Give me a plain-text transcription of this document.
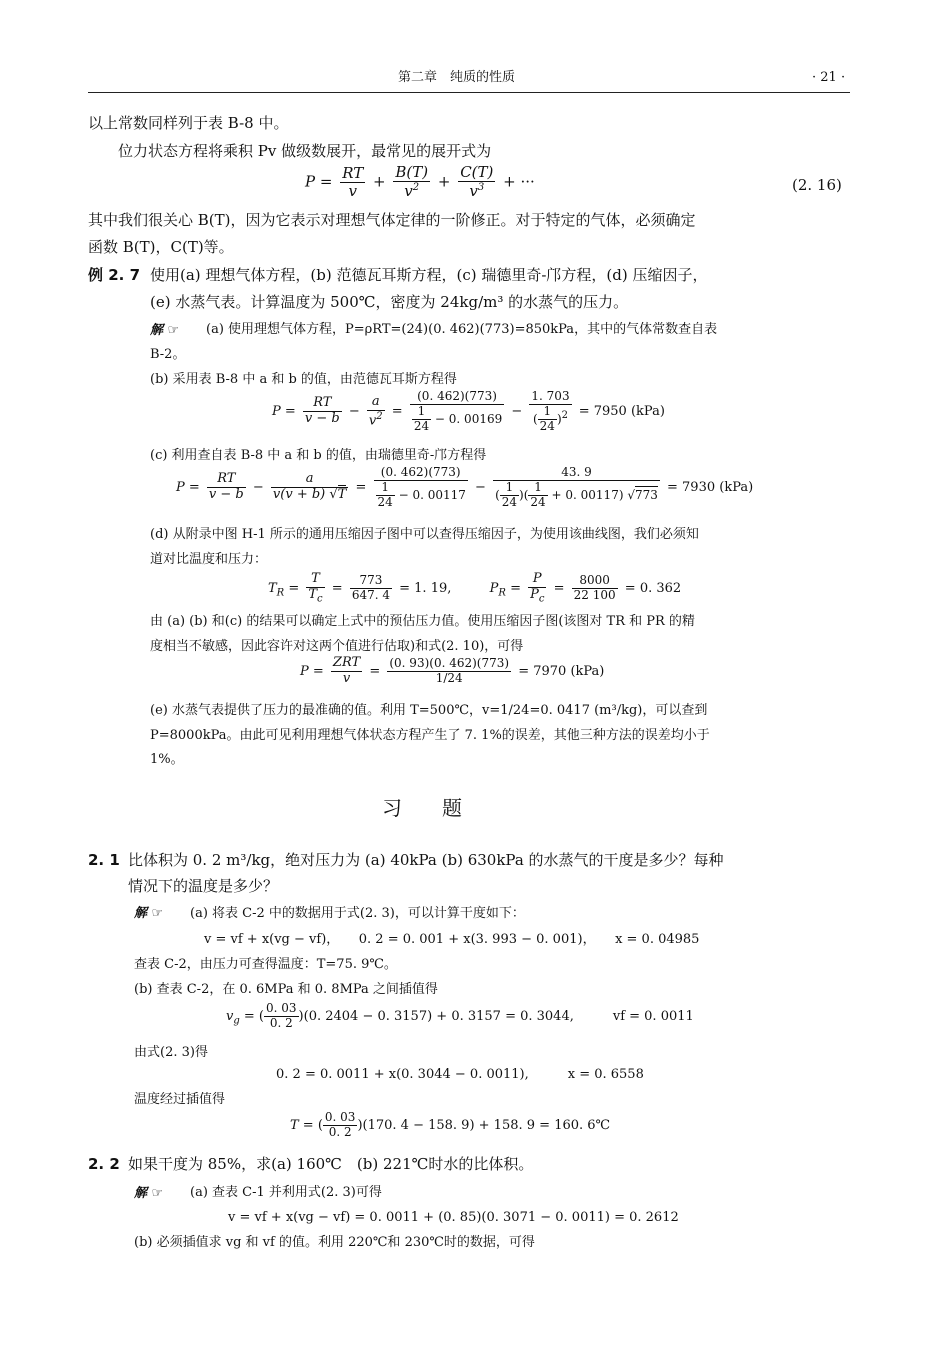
第二章　纯质的性质	· 21 ·
以上常数同样列于表 B-8 中。
位力状态方程将乘积 Pv 做级数展开，最常见的展开式为
$P = \frac{RT}{v} + \frac{B(T)}{v^2} + \frac{C(T)}{v^3}$ + ···	(2. 16)
其中我们很关心 B(T)，因为它表示对理想气体定律的一阶修正。对于特定的气体，必须确定
函数 B(T)，C(T)等。
例 2. 7 使用(a) 理想气体方程，(b) 范德瓦耳斯方程，(c) 瑞德里奇-邝方程，(d) 压缩因子，
(e) 水蒸气表。计算温度为 500℃，密度为 24kg/m³ 的水蒸气的压力。
解 ☞ (a) 使用理想气体方程，P=ρRT=(24)(0. 462)(773)=850kPa，其中的气体常数查自表
B-2。
(b) 采用表 B-8 中 a 和 b 的值，由范德瓦耳斯方程得
$P = \frac{RT}{v - b} - \frac{a}{v^2} = \frac{(0. 462)(773)}{\frac{1}{24} - 0. 00169} - \frac{1. 703}{( \frac{1}{24} )^2} = 7950$ (kPa)
(c) 利用查自表 B-8 中 a 和 b 的值，由瑞德里奇-邝方程得
$P = \frac{RT}{v - b} - \frac{a}{v(v + b) √T} = \frac{(0. 462)(773)}{\frac{1}{24} - 0. 00117} - \frac{43. 9}{( \frac{1}{24} )( \frac{1}{24} + 0. 00117) √773} = 7930$ (kPa)
(d) 从附录中图 H-1 所示的通用压缩因子图中可以查得压缩因子，为使用该曲线图，我们必须知
道对比温度和压力：
$T_R = \frac{T}{T_c} = \frac{773}{647. 4} = 1$. 19,	$P_R = \frac{P}{P_c} = \frac{8000}{22 100} = 0$. 362
由 (a) (b) 和(c) 的结果可以确定上式中的预估压力值。使用压缩因子图(该图对 TR 和 PR 的精
度相当不敏感，因此容许对这两个值进行估取)和式(2. 10)，可得
$P = \frac{\text{ZRT}}{v} = \frac{(0. 93)(0. 462)(773)}{1/24} = 7970$ (kPa)
(e) 水蒸气表提供了压力的最准确的值。利用 T=500℃，v=1/24=0. 0417 (m³/kg)，可以查到
P=8000kPa。由此可见利用理想气体状态方程产生了 7. 1%的误差，其他三种方法的误差均小于
1%。
习　　题
2. 1 比体积为 0. 2 m³/kg，绝对压力为 (a) 40kPa (b) 630kPa 的水蒸气的干度是多少？每种
情况下的温度是多少？
解 ☞ (a) 将表 C-2 中的数据用于式(2. 3)，可以计算干度如下：
v = vf + x(vg − vf)，　　0. 2 = 0. 001 + x(3. 993 − 0. 001)，　　x = 0. 04985
查表 C-2，由压力可查得温度：T=75. 9℃。
(b) 查表 C-2，在 0. 6MPa 和 0. 8MPa 之间插值得
$v_g$ = ( $\frac{0. 03}{0. 2} )(0$. 2404 − 0. 3157) + 0. 3157 = 0. 3044,　　　vf = 0. 0011
由式(2. 3)得
0. 2 = 0. 0011 + x(0. 3044 − 0. 0011),　　　x = 0. 6558
温度经过插值得
T = ( $\frac{0. 03}{0. 2} )(170$. 4 − 158. 9) + 158. 9 = 160. 6℃
2. 2 如果干度为 85%，求(a) 160℃　(b) 221℃时水的比体积。
解 ☞ (a) 查表 C-1 并利用式(2. 3)可得
v = vf + x(vg − vf) = 0. 0011 + (0. 85)(0. 3071 − 0. 0011) = 0. 2612
(b) 必须插值求 vg 和 vf 的值。利用 220℃和 230℃时的数据，可得
